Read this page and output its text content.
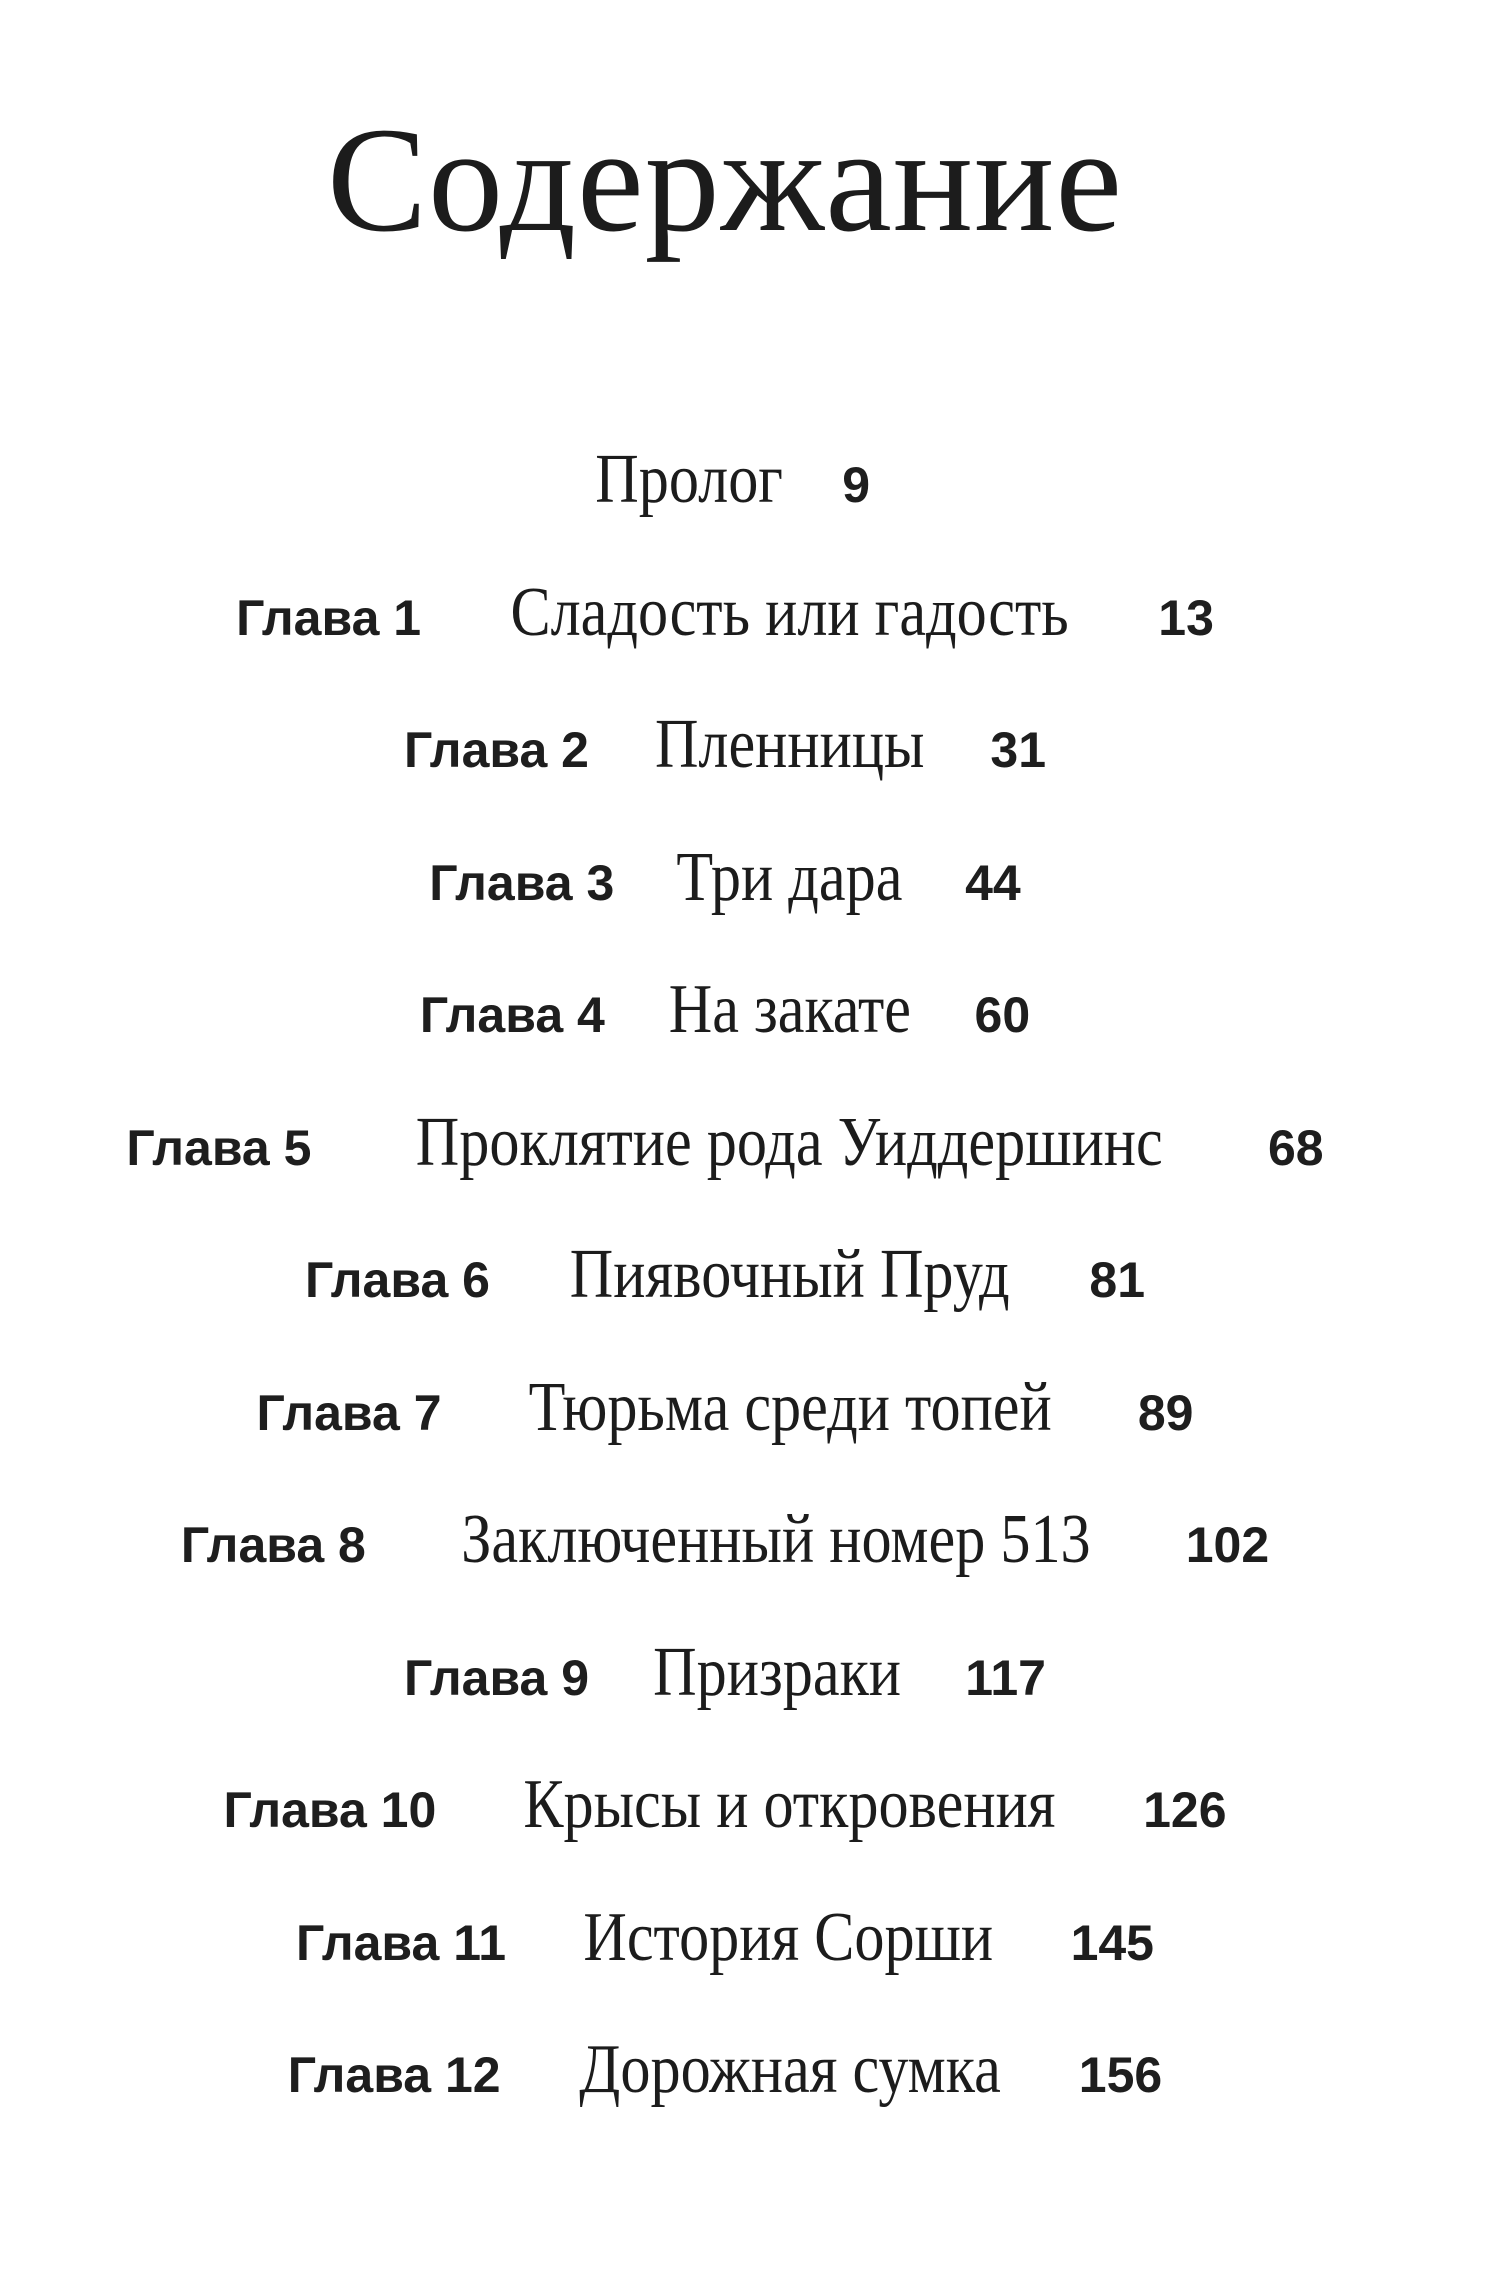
Содержание
Пролог 9
Глава 1 Сладость или гадость 13
Глава 2 Пленницы 31
Глава 3 Три дара 44
Глава 4 На закате 60
Глава 5 Проклятие рода Уиддершинс 68
Глава 6 Пиявочный Пруд 81
Глава 7 Тюрьма среди топей 89
Глава 8 Заключенный номер 513 102
Глава 9 Призраки 117
Глава 10 Крысы и откровения 126
Глава 11 История Сорши 145
Глава 12 Дорожная сумка 156
